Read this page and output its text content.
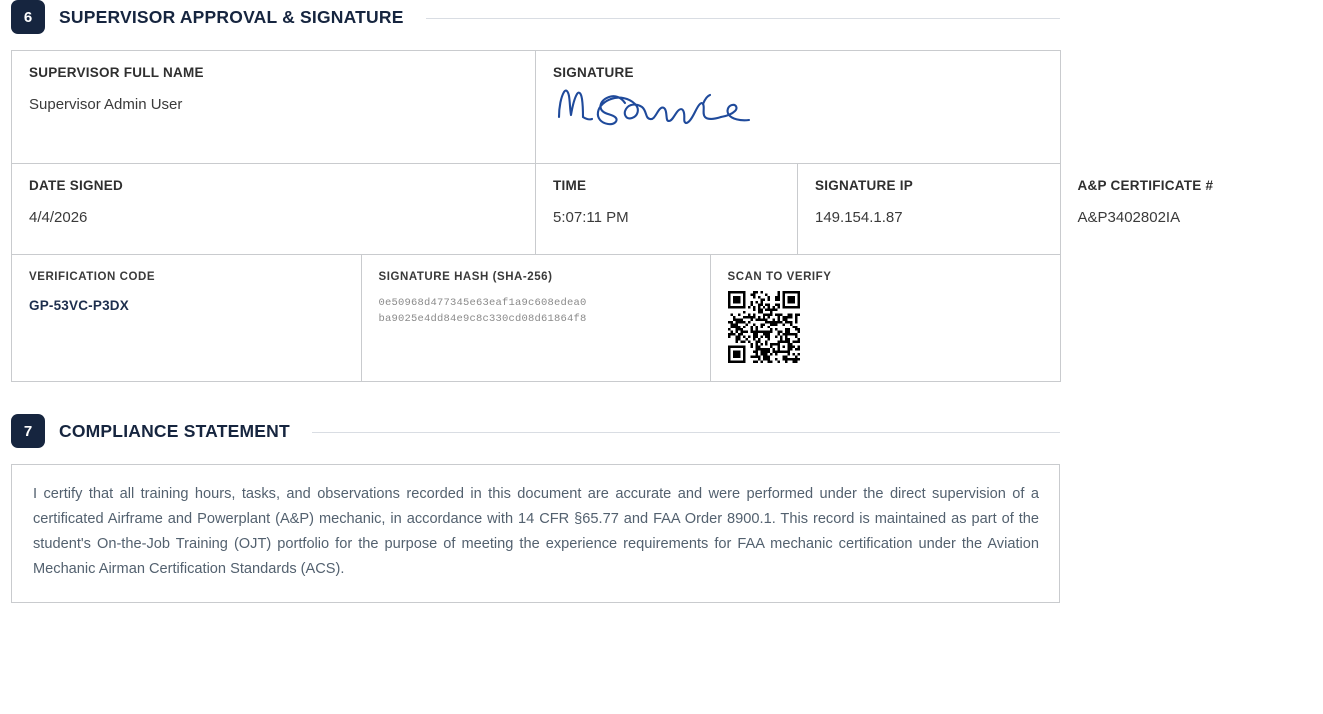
6	SUPERVISOR APPROVAL & SIGNATURE
SUPERVISOR FULL NAME
Supervisor Admin User

SIGNATURE

DATE SIGNED
4/4/2026

TIME
5:07:11 PM

SIGNATURE IP
149.154.1.87

A&P CERTIFICATE #
A&P3402802IA

VERIFICATION CODE
GP-53VC-P3DX

SIGNATURE HASH (SHA-256)
0e50968d477345e63eaf1a9c608edea0
ba9025e4dd84e9c8c330cd08d61864f8

SCAN TO VERIFY
7	COMPLIANCE STATEMENT

I certify that all training hours, tasks, and observations recorded in this document are accurate and were performed under the direct supervision of a certificated Airframe and Powerplant (A&P) mechanic, in accordance with 14 CFR §65.77 and FAA Order 8900.1. This record is maintained as part of the student's On-the-Job Training (OJT) portfolio for the purpose of meeting the experience requirements for FAA mechanic certification under the Aviation Mechanic Airman Certification Standards (ACS).
